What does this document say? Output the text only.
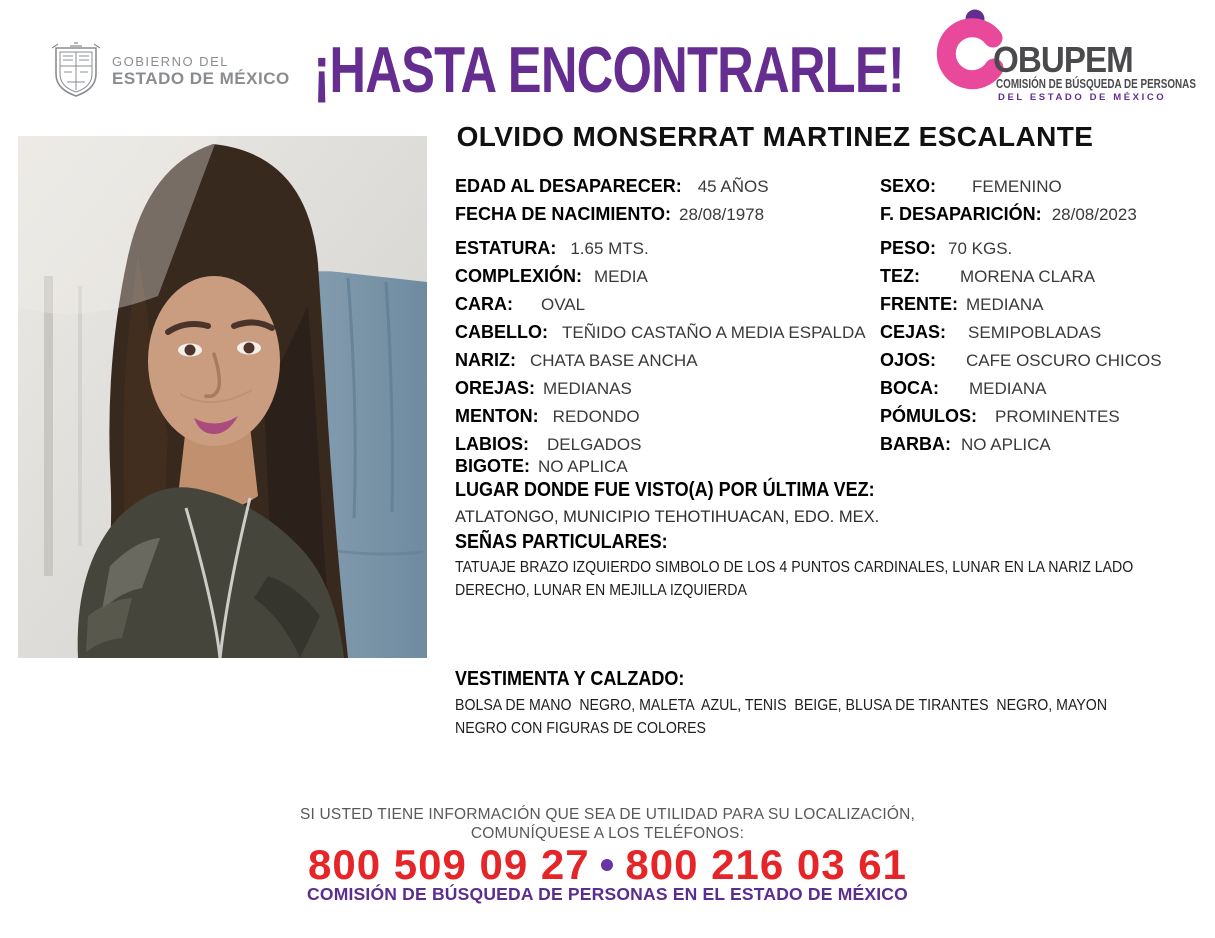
GOBIERNO DEL
ESTADO DE MÉXICO ¡HASTA ENCONTRARLE!	OBUPEM
COMISIÓN DE BÚSQUEDA DE PERSONAS
DEL ESTADO DE MÉXICO
OLVIDO MONSERRAT MARTINEZ ESCALANTE
EDAD AL DESAPARECER: 45 AÑOS
FECHA DE NACIMIENTO: 28/08/1978
ESTATURA: 1.65 MTS.
COMPLEXIÓN: MEDIA
CARA: OVAL
CABELLO: TEÑIDO CASTAÑO A MEDIA ESPALDA
NARIZ: CHATA BASE ANCHA
OREJAS: MEDIANAS
MENTON: REDONDO
LABIOS: DELGADOS
BIGOTE: NO APLICA
SEXO: FEMENINO
F. DESAPARICIÓN: 28/08/2023
PESO: 70 KGS.
TEZ: MORENA CLARA
FRENTE: MEDIANA
CEJAS: SEMIPOBLADAS
OJOS: CAFE OSCURO CHICOS
BOCA: MEDIANA
PÓMULOS: PROMINENTES
BARBA: NO APLICA
LUGAR DONDE FUE VISTO(A) POR ÚLTIMA VEZ:
ATLATONGO, MUNICIPIO TEHOTIHUACAN, EDO. MEX.
SEÑAS PARTICULARES:
TATUAJE BRAZO IZQUIERDO SIMBOLO DE LOS 4 PUNTOS CARDINALES, LUNAR EN LA NARIZ LADO DERECHO, LUNAR EN MEJILLA IZQUIERDA
VESTIMENTA Y CALZADO:
BOLSA DE MANO  NEGRO, MALETA  AZUL, TENIS  BEIGE, BLUSA DE TIRANTES  NEGRO, MAYON  NEGRO CON FIGURAS DE COLORES
SI USTED TIENE INFORMACIÓN QUE SEA DE UTILIDAD PARA SU LOCALIZACIÓN,
COMUNÍQUESE A LOS TELÉFONOS:
800 509 09 27 • 800 216 03 61
COMISIÓN DE BÚSQUEDA DE PERSONAS EN EL ESTADO DE MÉXICO
